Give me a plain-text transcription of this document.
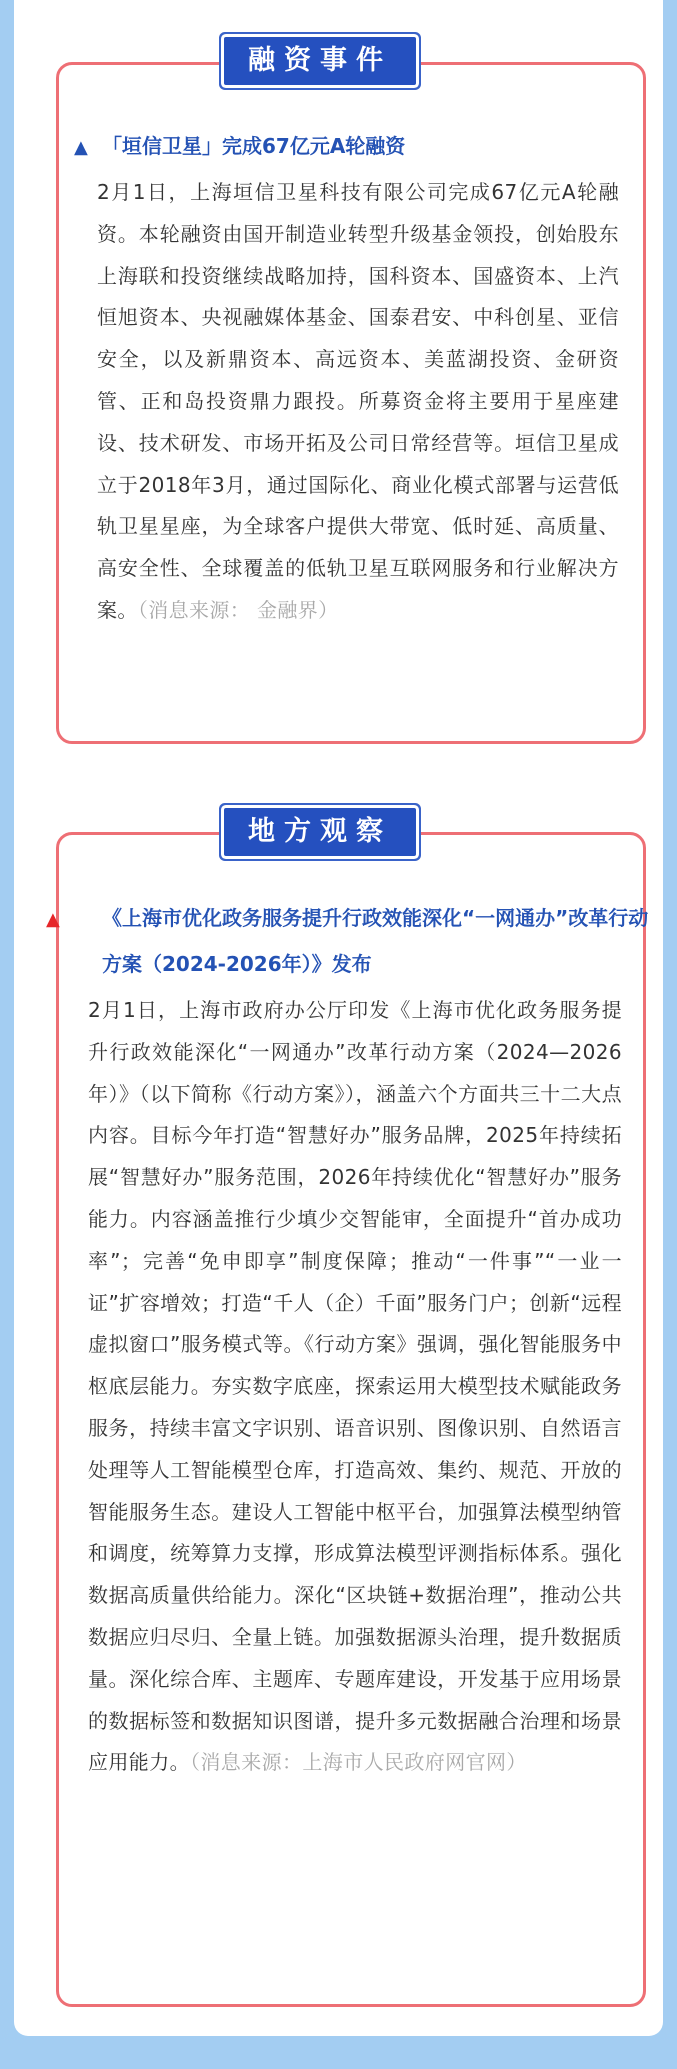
融资事件
▲ 「垣信卫星」完成67亿元A轮融资
2月1日，上海垣信卫星科技有限公司完成67亿元A轮融资。本轮融资由国开制造业转型升级基金领投，创始股东上海联和投资继续战略加持，国科资本、国盛资本、上汽恒旭资本、央视融媒体基金、国泰君安、中科创星、亚信安全，以及新鼎资本、高远资本、美蓝湖投资、金研资管、正和岛投资鼎力跟投。所募资金将主要用于星座建设、技术研发、市场开拓及公司日常经营等。垣信卫星成立于2018年3月，通过国际化、商业化模式部署与运营低轨卫星星座，为全球客户提供大带宽、低时延、高质量、高安全性、全球覆盖的低轨卫星互联网服务和行业解决方案。（消息来源： 金融界）
地方观察
▲ 《上海市优化政务服务提升行政效能深化“一网通办”改革行动方案（2024-2026年）》发布
2月1日，上海市政府办公厅印发《上海市优化政务服务提升行政效能深化“一网通办”改革行动方案（2024—2026年）》（以下简称《行动方案》），涵盖六个方面共三十二大点内容。目标今年打造“智慧好办”服务品牌，2025年持续拓展“智慧好办”服务范围，2026年持续优化“智慧好办”服务能力。内容涵盖推行少填少交智能审，全面提升“首办成功率”；完善“免申即享”制度保障；推动“一件事”“一业一证”扩容增效；打造“千人（企）千面”服务门户；创新“远程虚拟窗口”服务模式等。《行动方案》强调，强化智能服务中枢底层能力。夯实数字底座，探索运用大模型技术赋能政务服务，持续丰富文字识别、语音识别、图像识别、自然语言处理等人工智能模型仓库，打造高效、集约、规范、开放的智能服务生态。建设人工智能中枢平台，加强算法模型纳管和调度，统筹算力支撑，形成算法模型评测指标体系。强化数据高质量供给能力。深化“区块链+数据治理”，推动公共数据应归尽归、全量上链。加强数据源头治理，提升数据质量。深化综合库、主题库、专题库建设，开发基于应用场景的数据标签和数据知识图谱，提升多元数据融合治理和场景应用能力。（消息来源：上海市人民政府网官网）
